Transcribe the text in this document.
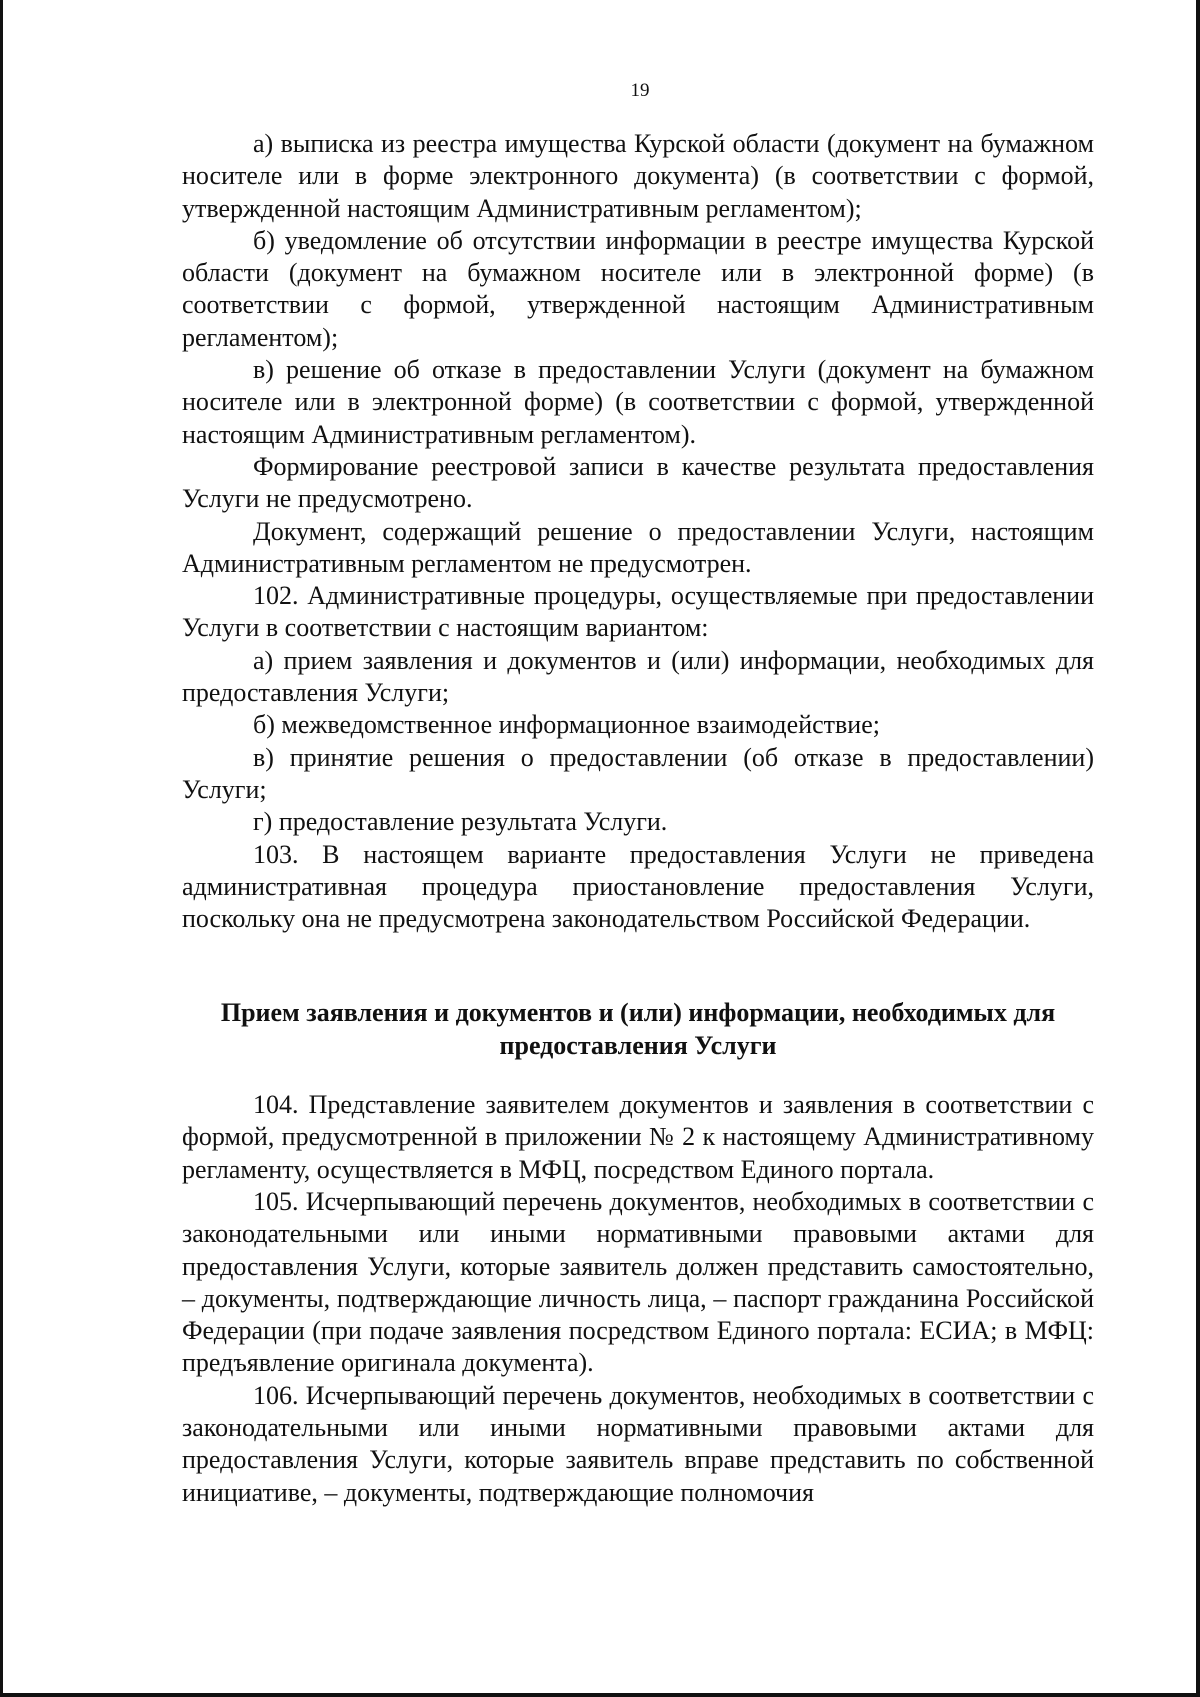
19

а) выписка из реестра имущества Курской области (документ на бумажном носителе или в форме электронного документа) (в соответствии с формой, утвержденной настоящим Административным регламентом);

б) уведомление об отсутствии информации в реестре имущества Курской области (документ на бумажном носителе или в электронной форме) (в соответствии с формой, утвержденной настоящим Административным регламентом);

в) решение об отказе в предоставлении Услуги (документ на бумажном носителе или в электронной форме) (в соответствии с формой, утвержденной настоящим Административным регламентом).

Формирование реестровой записи в качестве результата предоставления Услуги не предусмотрено.

Документ, содержащий решение о предоставлении Услуги, настоящим Административным регламентом не предусмотрен.

102. Административные процедуры, осуществляемые при предоставлении Услуги в соответствии с настоящим вариантом:

а) прием заявления и документов и (или) информации, необходимых для предоставления Услуги;

б) межведомственное информационное взаимодействие;

в) принятие решения о предоставлении (об отказе в предоставлении) Услуги;

г) предоставление результата Услуги.

103. В настоящем варианте предоставления Услуги не приведена административная процедура приостановление предоставления Услуги, поскольку она не предусмотрена законодательством Российской Федерации.

Прием заявления и документов и (или) информации, необходимых для предоставления Услуги

104. Представление заявителем документов и заявления в соответствии с формой, предусмотренной в приложении № 2 к настоящему Административному регламенту, осуществляется в МФЦ, посредством Единого портала.

105. Исчерпывающий перечень документов, необходимых в соответствии с законодательными или иными нормативными правовыми актами для предоставления Услуги, которые заявитель должен представить самостоятельно, – документы, подтверждающие личность лица, – паспорт гражданина Российской Федерации (при подаче заявления посредством Единого портала: ЕСИА; в МФЦ: предъявление оригинала документа).

106. Исчерпывающий перечень документов, необходимых в соответствии с законодательными или иными нормативными правовыми актами для предоставления Услуги, которые заявитель вправе представить по собственной инициативе, – документы, подтверждающие полномочия
